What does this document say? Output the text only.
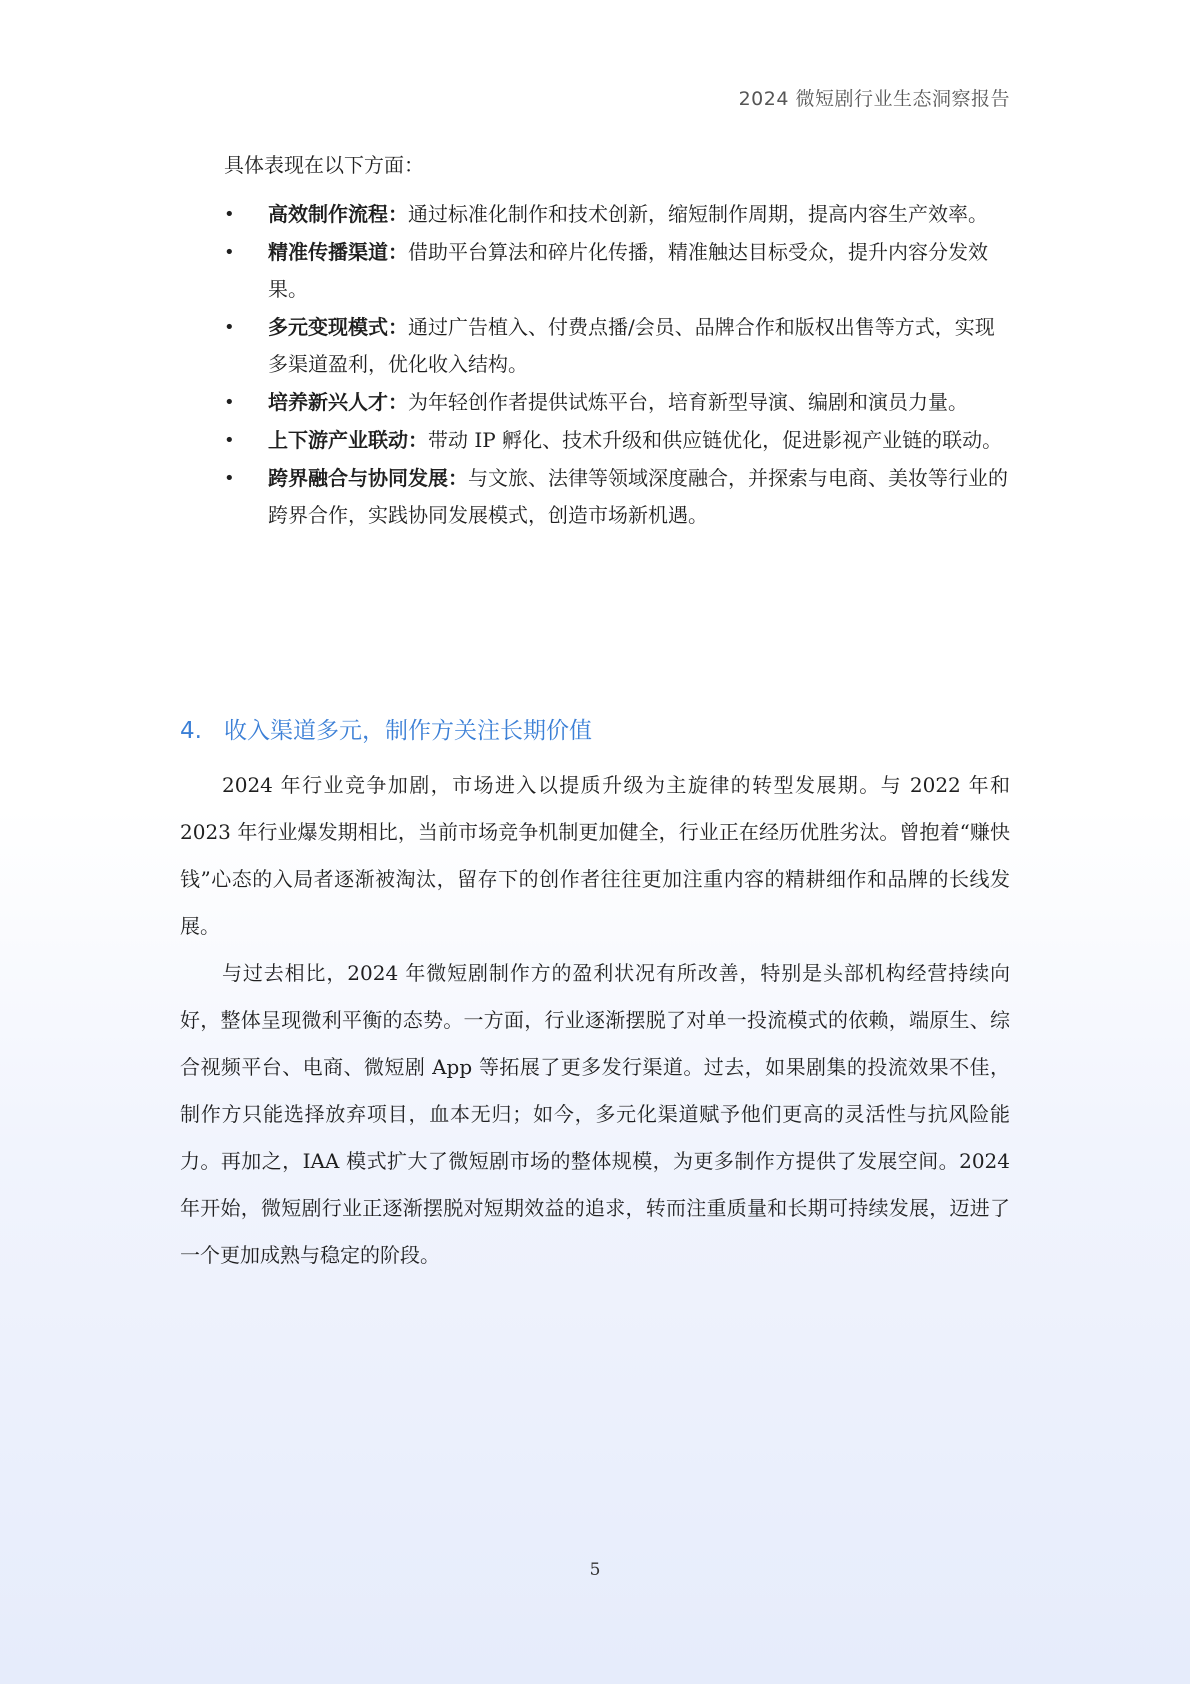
2024 微短剧行业生态洞察报告
具体表现在以下方面：
• 高效制作流程：通过标准化制作和技术创新，缩短制作周期，提高内容生产效率。
• 精准传播渠道：借助平台算法和碎片化传播，精准触达目标受众，提升内容分发效果。
• 多元变现模式：通过广告植入、付费点播/会员、品牌合作和版权出售等方式，实现多渠道盈利，优化收入结构。
• 培养新兴人才：为年轻创作者提供试炼平台，培育新型导演、编剧和演员力量。
• 上下游产业联动：带动 IP 孵化、技术升级和供应链优化，促进影视产业链的联动。
• 跨界融合与协同发展：与文旅、法律等领域深度融合，并探索与电商、美妆等行业的跨界合作，实践协同发展模式，创造市场新机遇。
4. 收入渠道多元，制作方关注长期价值

2024 年行业竞争加剧，市场进入以提质升级为主旋律的转型发展期。与 2022 年和 2023 年行业爆发期相比，当前市场竞争机制更加健全，行业正在经历优胜劣汰。曾抱着“赚快钱”心态的入局者逐渐被淘汰，留存下的创作者往往更加注重内容的精耕细作和品牌的长线发展。

与过去相比，2024 年微短剧制作方的盈利状况有所改善，特别是头部机构经营持续向好，整体呈现微利平衡的态势。一方面，行业逐渐摆脱了对单一投流模式的依赖，端原生、综合视频平台、电商、微短剧 App 等拓展了更多发行渠道。过去，如果剧集的投流效果不佳，制作方只能选择放弃项目，血本无归；如今，多元化渠道赋予他们更高的灵活性与抗风险能力。再加之，IAA 模式扩大了微短剧市场的整体规模，为更多制作方提供了发展空间。2024 年开始，微短剧行业正逐渐摆脱对短期效益的追求，转而注重质量和长期可持续发展，迈进了一个更加成熟与稳定的阶段。

5
